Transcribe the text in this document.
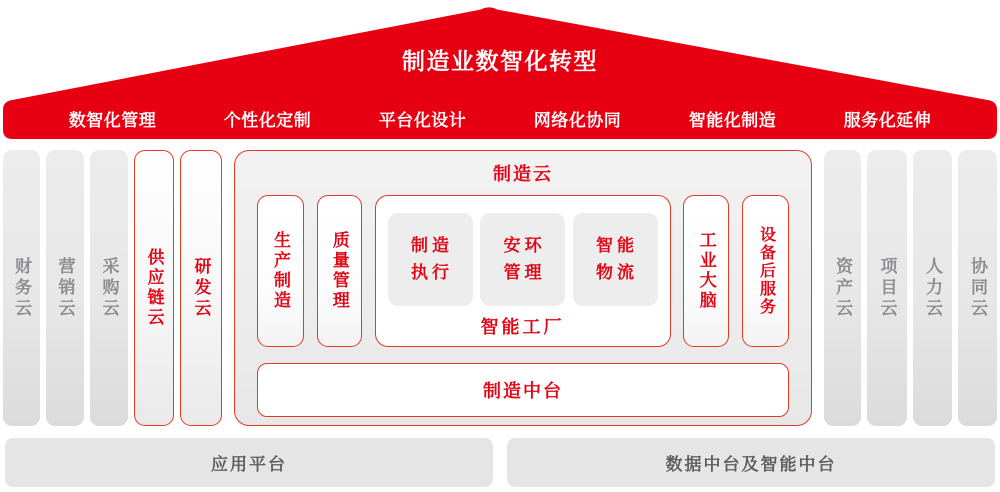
制造业数智化转型
数智化管理	个性化定制	平台化设计	网络化协同	智能化制造	服务化延伸
财务云 营销云 采购云 供应链云 研发云
制造云
生产制造 质量管理	制造
执行
安环
管理
智能
物流
智能工厂
工业大脑	设备后服务
制造中台
资产云 项目云 人力云 协同云
应用平台	数据中台及智能中台
